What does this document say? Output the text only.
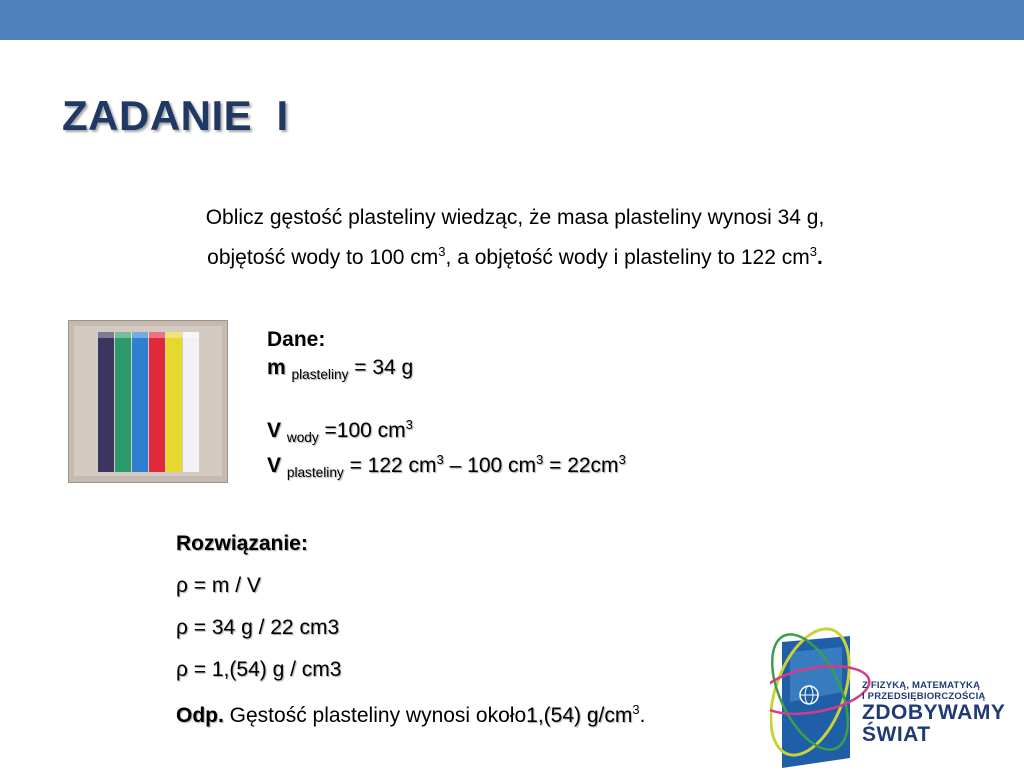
ZADANIE  I

Oblicz gęstość plasteliny wiedząc, że masa plasteliny wynosi 34 g,

objętość wody to 100 $cm^3$, a objętość wody i plasteliny to 122 $cm^3$.

Dane:
m $_{plasteliny}$ = 34 g
V $_{wody}$ =100 $cm^3$
V $_{plasteliny}$ = 122 $cm^3 - 100$ $cm^3 = 22cm^3$
Rozwiązanie:
ρ = m / V
ρ = 34 g / 22 cm3
ρ = 1,(54) g / cm3
Odp. Gęstość plasteliny wynosi około1,(54) $g/cm^3$.
Z FIZYKĄ, MATEMATYKĄ
I PRZEDSIĘBIORCZOŚCIĄ
ZDOBYWAMY
ŚWIAT
